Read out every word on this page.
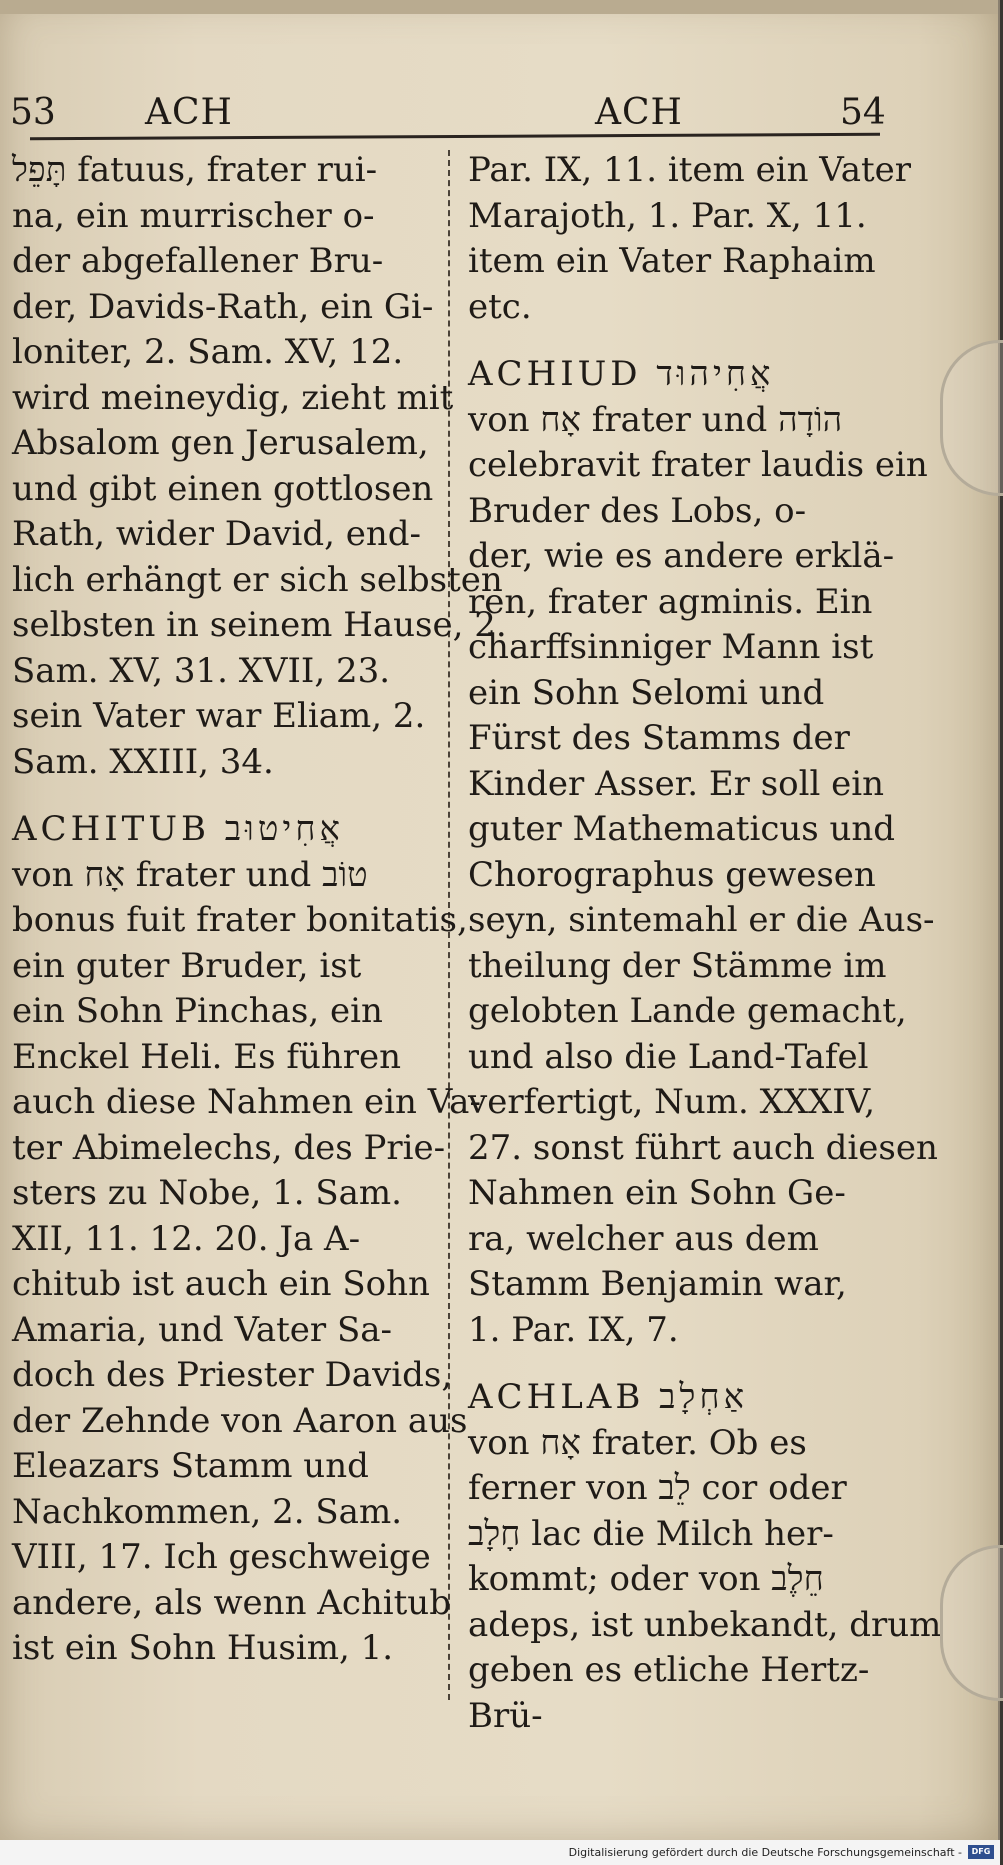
53 ACH	ACH	54
תָּפֵל fatuus, frater rui-
na, ein murrischer o-
der abgefallener Bru-
der, Davids-Rath, ein Gi-
loniter, 2. Sam. XV, 12.
wird meineydig, zieht mit
Absalom gen Jerusalem,
und gibt einen gottlosen
Rath, wider David, end-
lich erhängt er sich selbsten
selbsten in seinem Hause, 2.
Sam. XV, 31. XVII, 23.
sein Vater war Eliam, 2.
Sam. XXIII, 34.
ACHITUB אֲחִיטוּב
von אָח frater und טוֹב
bonus fuit frater bonitatis,
ein guter Bruder, ist
ein Sohn Pinchas, ein
Enckel Heli. Es führen
auch diese Nahmen ein Va-
ter Abimelechs, des Prie-
sters zu Nobe, 1. Sam.
XII, 11. 12. 20. Ja A-
chitub ist auch ein Sohn
Amaria, und Vater Sa-
doch des Priester Davids,
der Zehnde von Aaron aus
Eleazars Stamm und
Nachkommen, 2. Sam.
VIII, 17. Ich geschweige
andere, als wenn Achitub
ist ein Sohn Husim, 1.
Par. IX, 11. item ein Vater
Marajoth, 1. Par. X, 11.
item ein Vater Raphaim
etc.
ACHIUD אֲחִיהוּד
von אָח frater und הוֹדָה
celebravit frater laudis ein
Bruder des Lobs, o-
der, wie es andere erklä-
ren, frater agminis. Ein
charffsinniger Mann ist
ein Sohn Selomi und
Fürst des Stamms der
Kinder Asser. Er soll ein
guter Mathematicus und
Chorographus gewesen
seyn, sintemahl er die Aus-
theilung der Stämme im
gelobten Lande gemacht,
und also die Land-Tafel
verfertigt, Num. XXXIV,
27. sonst führt auch diesen
Nahmen ein Sohn Ge-
ra, welcher aus dem
Stamm Benjamin war,
1. Par. IX, 7.
ACHLAB אַחְלָב
von אָח frater. Ob es
ferner von לֵב cor oder
חָלָב lac die Milch her-
kommt; oder von חֵלֶב
adeps, ist unbekandt, drum
geben es etliche Hertz-
Brü-
Digitalisierung gefördert durch die Deutsche Forschungsgemeinschaft -	DFG
